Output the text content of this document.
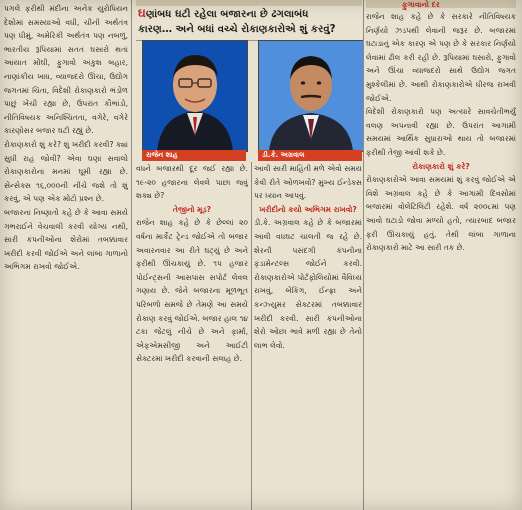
પગલે ફરીથી મંદીના અનેક યુરોપિયન દેશોમાં સમસ્યાઓ વધી, ચીની અર્થતંત્ર પણ ધીમું, અમેરિકી અર્થતંત્ર પણ નબળું, ભારતીય રૂપિયામાં સતત ઘસારો થતાં આયાત મોંઘી, ફુગાવો અંકુશ બહાર, નાણાંકીય ખાધ, વ્યાજદરો ઊંચા, ઉદ્યોગ જગતમાં ચિંતા, વિદેશી રોકાણકારો ભંડોળ પાછું ખેંચી રહ્યા છે, ઉપરાંત કૌભાંડો, નીતિવિષયક અનિશ્ચિતતા, વગેરે, વગેરે કારણોસર બજાર ઘટી રહ્યું છે.

રોકાણકારો શું કરે? શું ખરીદી કરવી? ક્યાં સુધી રાહ જોવી? એવા ઘણા સવાલો રોકાણકારોના મનમાં ઘૂમી રહ્યા છે. સેન્સેક્સ ૧૬,૦૦૦ની નીચે જશે તો શું કરવું, એ પણ એક મોટો પ્રશ્ન છે.

બજારના નિષ્ણાતો કહે છે કે આવા સમયે ગભરાઈને વેચવાલી કરવી યોગ્ય નથી, સારી કંપનીઓના શેરોમાં તબક્કાવાર ખરીદી કરવી જોઈએ અને લાંબા ગાળાનો અભિગમ રાખવો જોઈએ.

ઘણાંબધ ઘટી રહેલા બજારના છે ઢગલાબંધ
કારણ… અને બધાં વચ્ચે રોકાણકારોએ શું કરવું?
રાજેન શાહ	ડી.કે. અગ્રવાલ

વધને બજારથી દૂર જઈ રહ્યા છે. ૧૯-૨૦ હજારના લેવલે પાછા જવું શક્ય છે?

તેજીનો મૂડ?

રાજેન શાહ કહે છે કે છેલ્લાં ૨૦ વર્ષના માર્કેટ ટ્રેન્ડ જોઈએ તો બજાર અવારનવાર આ રીતે ઘટ્યું છે અને ફરીથી ઊંચકાયું છે. ૧૫ હજાર પોઈન્ટ્સની આસપાસ સપોર્ટ લેવલ ગણાય છે. જેને બજારના મૂળભૂત પરિબળો સમજે છે તેમણે આ સમયે રોકાણ કરવું જોઈએ. બજાર હાલ ૧૪ ટકા જેટલું નીચે છે અને ફાર્મા, એફએમસીજી અને આઈટી સેક્ટરમાં ખરીદી કરવાની સલાહ છે.

આવી સારી માહિતી મળે એવો સમય કેવી રીતે ઓળખવો? મુખ્ય ઈન્ડેક્સ પર ધ્યાન આપવું.

ખરીદીનો કયો અભિગમ રાખવો?

ડી.કે. અગ્રવાલ કહે છે કે બજારમાં આવી વધઘટ ચાલતી જ રહે છે. શેરની પસંદગી કંપનીના ફંડામેન્ટલ્સ જોઈને કરવી. રોકાણકારોએ પોર્ટફોલિયોમાં વૈવિધ્ય રાખવું, બેંકિંગ, ઈન્ફ્રા અને કન્ઝ્યુમર સેક્ટરમાં તબક્કાવાર ખરીદી કરવી. સારી કંપનીઓના શેરો ઓછા ભાવે મળી રહ્યા છે તેનો લાભ લેવો.

ફુગાવાનો દર

રાજેન શાહ કહે છે કે સરકારે નીતિવિષયક નિર્ણયો ઝડપથી લેવાની જરૂર છે. બજારમાં ઘટાડાનું એક કારણ એ પણ છે કે સરકાર નિર્ણયો લેવામાં ઢીલ કરી રહી છે. રૂપિયામાં ઘસારો, ફુગાવો અને ઊંચા વ્યાજદરો સાથે ઉદ્યોગ જગત મુશ્કેલીમાં છે. આથી રોકાણકારોએ ધીરજ રાખવી જોઈએ.

વિદેશી રોકાણકારો પણ અત્યારે સાવચેતીભર્યું વલણ અપનાવી રહ્યા છે. ઉપરાંત આગામી સમયમાં આર્થિક સુધારાઓ થાય તો બજારમાં ફરીથી તેજી આવી શકે છે.

રોકાણકારો શું કરે?

રોકાણકારોએ આવા સમયમાં શું કરવું જોઈએ એ વિશે અગ્રવાલ કહે છે કે આગામી દિવસોમાં બજારમાં વોલેટિલિટી રહેશે. વર્ષ ૨૦૦૮માં પણ આવો ઘટાડો જોવા મળ્યો હતો, ત્યારબાદ બજાર ફરી ઊંચકાયું હતું. તેથી લાંબા ગાળાના રોકાણકારો માટે આ સારી તક છે.
